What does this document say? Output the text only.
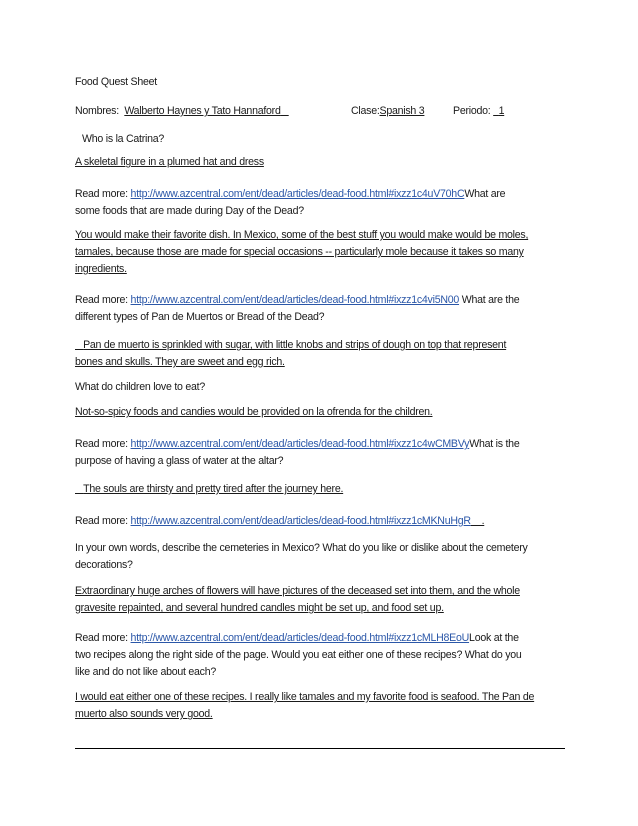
Food Quest Sheet
Nombres: Walberto Haynes y Tato Hannaford	Clase:Spanish 3	Periodo: 1
Who is la Catrina?
A skeletal figure in a plumed hat and dress
Read more: http://www.azcentral.com/ent/dead/articles/dead-food.html#ixzz1c4uV70hCWhat are
some foods that are made during Day of the Dead?
You would make their favorite dish. In Mexico, some of the best stuff you would make would be moles,
tamales, because those are made for special occasions -- particularly mole because it takes so many
ingredients.
Read more: http://www.azcentral.com/ent/dead/articles/dead-food.html#ixzz1c4vi5N00 What are the
different types of Pan de Muertos or Bread of the Dead?
Pan de muerto is sprinkled with sugar, with little knobs and strips of dough on top that represent
bones and skulls. They are sweet and egg rich.
What do children love to eat?
Not-so-spicy foods and candies would be provided on la ofrenda for the children.
Read more: http://www.azcentral.com/ent/dead/articles/dead-food.html#ixzz1c4wCMBVyWhat is the
purpose of having a glass of water at the altar?
The souls are thirsty and pretty tired after the journey here.
Read more: http://www.azcentral.com/ent/dead/articles/dead-food.html#ixzz1cMKNuHgR    .
In your own words, describe the cemeteries in Mexico? What do you like or dislike about the cemetery
decorations?
Extraordinary huge arches of flowers will have pictures of the deceased set into them, and the whole
gravesite repainted, and several hundred candles might be set up, and food set up.
Read more: http://www.azcentral.com/ent/dead/articles/dead-food.html#ixzz1cMLH8EoULook at the
two recipes along the right side of the page. Would you eat either one of these recipes? What do you
like and do not like about each?
I would eat either one of these recipes. I really like tamales and my favorite food is seafood. The Pan de
muerto also sounds very good.
